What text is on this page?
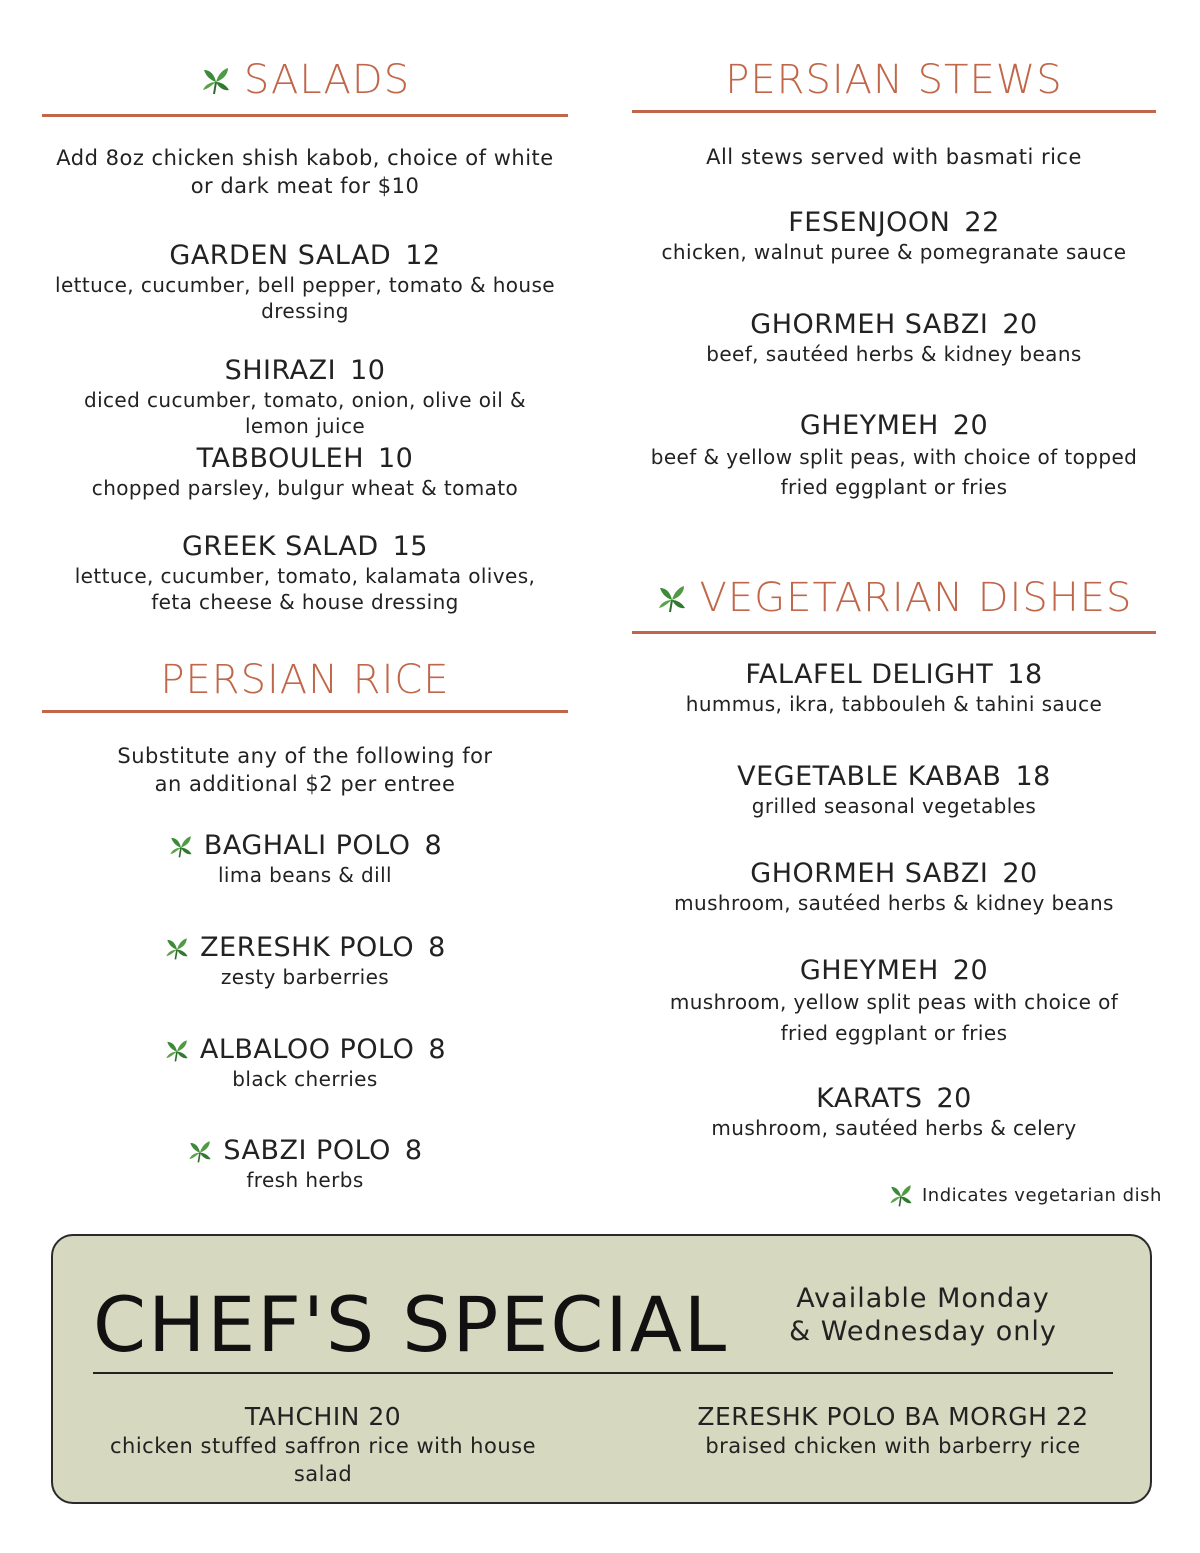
SALADS
Add 8oz chicken shish kabob, choice of white or dark meat for $10
GARDEN SALAD 12
lettuce, cucumber, bell pepper, tomato & house dressing
SHIRAZI 10
diced cucumber, tomato, onion, olive oil & lemon juice
TABBOULEH 10
chopped parsley, bulgur wheat & tomato
GREEK SALAD 15
lettuce, cucumber, tomato, kalamata olives, feta cheese & house dressing
PERSIAN RICE
Substitute any of the following for an additional $2 per entree
BAGHALI POLO 8
lima beans & dill
ZERESHK POLO 8
zesty barberries
ALBALOO POLO 8
black cherries
SABZI POLO 8
fresh herbs
PERSIAN STEWS
All stews served with basmati rice
FESENJOON 22
chicken, walnut puree & pomegranate sauce
GHORMEH SABZI 20
beef, sautéed herbs & kidney beans
GHEYMEH 20
beef & yellow split peas, with choice of topped fried eggplant or fries
VEGETARIAN DISHES
FALAFEL DELIGHT 18
hummus, ikra, tabbouleh & tahini sauce
VEGETABLE KABAB 18
grilled seasonal vegetables
GHORMEH SABZI 20
mushroom, sautéed herbs & kidney beans
GHEYMEH 20
mushroom, yellow split peas with choice of fried eggplant or fries
KARATS 20
mushroom, sautéed herbs & celery
Indicates vegetarian dish
CHEF'S SPECIAL	Available Monday & Wednesday only
TAHCHIN 20
chicken stuffed saffron rice with house salad
ZERESHK POLO BA MORGH 22
braised chicken with barberry rice
